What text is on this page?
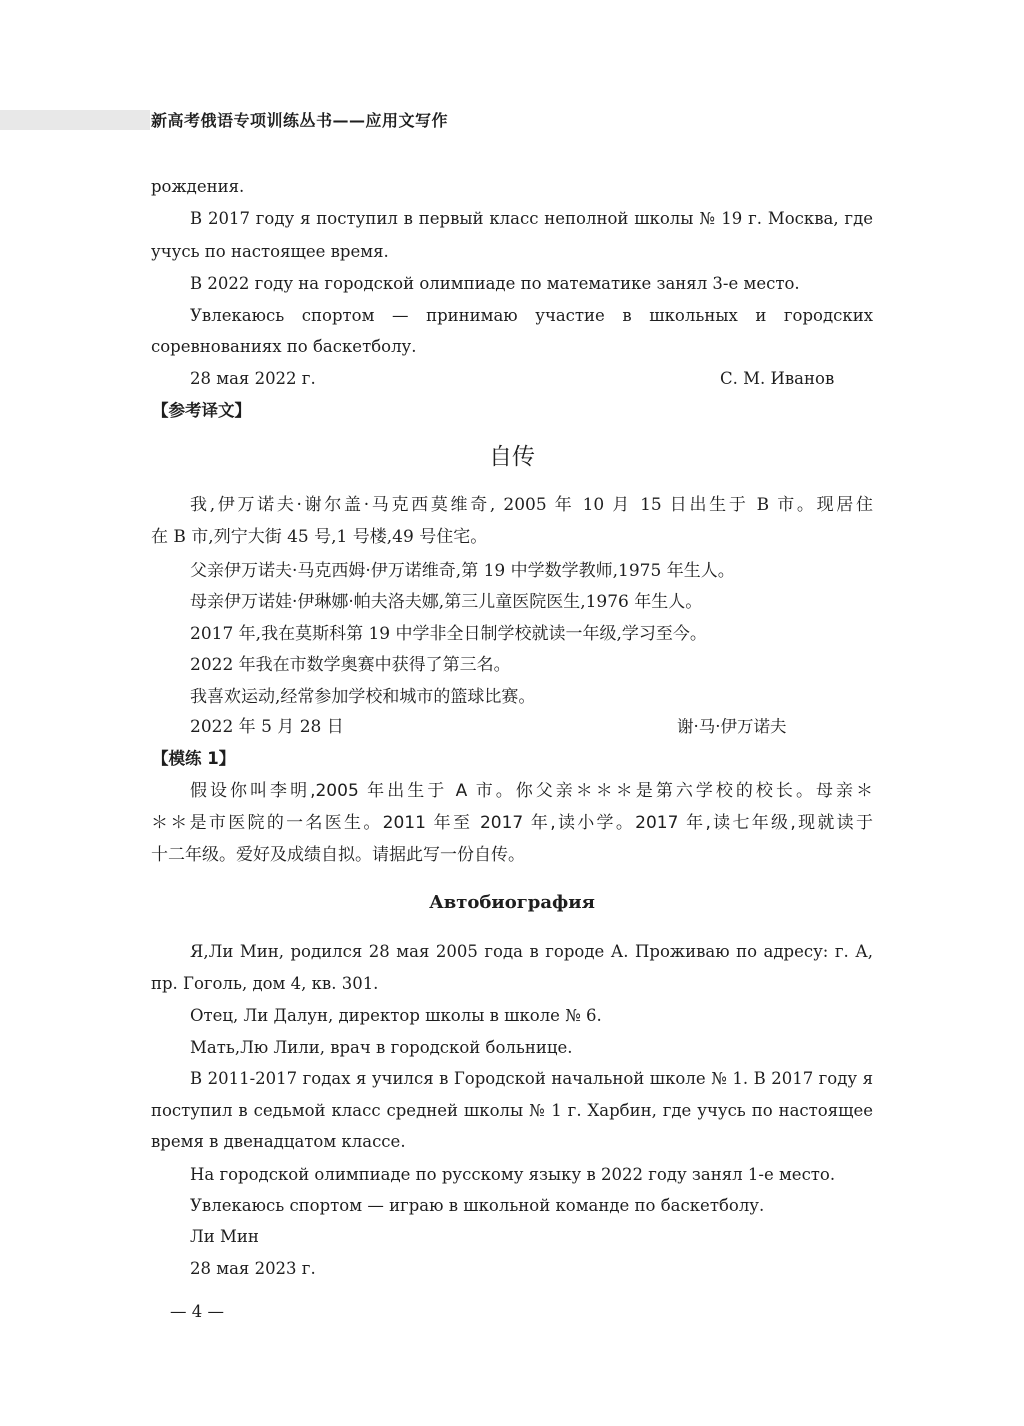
新高考俄语专项训练丛书——应用文写作
рождения.
В 2017 году я поступил в первый класс неполной школы № 19 г. Москва, где
учусь по настоящее время.
В 2022 году на городской олимпиаде по математике занял 3-е место.
Увлекаюсь спортом — принимаю участие в школьных и городских
соревнованиях по баскетболу.
28 мая 2022 г.	С. М. Иванов
【参考译文】
自传
我,伊万诺夫·谢尔盖·马克西莫维奇, 2005 年 10 月 15 日出生于 B 市。现居住
在 B 市,列宁大街 45 号,1 号楼,49 号住宅。
父亲伊万诺夫·马克西姆·伊万诺维奇,第 19 中学数学教师,1975 年生人。
母亲伊万诺娃·伊琳娜·帕夫洛夫娜,第三儿童医院医生,1976 年生人。
2017 年,我在莫斯科第 19 中学非全日制学校就读一年级,学习至今。
2022 年我在市数学奥赛中获得了第三名。
我喜欢运动,经常参加学校和城市的篮球比赛。
2022 年 5 月 28 日	谢·马·伊万诺夫
【模练 1】
假设你叫李明,2005 年出生于 A 市。你父亲＊＊＊是第六学校的校长。母亲＊
＊＊是市医院的一名医生。2011 年至 2017 年,读小学。2017 年,读七年级,现就读于
十二年级。爱好及成绩自拟。请据此写一份自传。
Автобиография
Я,Ли Мин, родился 28 мая 2005 года в городе А. Проживаю по адресу: г. А,
пр. Гоголь, дом 4, кв. 301.
Отец, Ли Далун, директор школы в школе № 6.
Мать,Лю Лили, врач в городской больнице.
В 2011-2017 годах я учился в Городской начальной школе № 1. В 2017 году я
поступил в седьмой класс средней школы № 1 г. Харбин, где учусь по настоящее
время в двенадцатом классе.
На городской олимпиаде по русскому языку в 2022 году занял 1-е место.
Увлекаюсь спортом — играю в школьной команде по баскетболу.
Ли Мин
28 мая 2023 г.
— 4 —
